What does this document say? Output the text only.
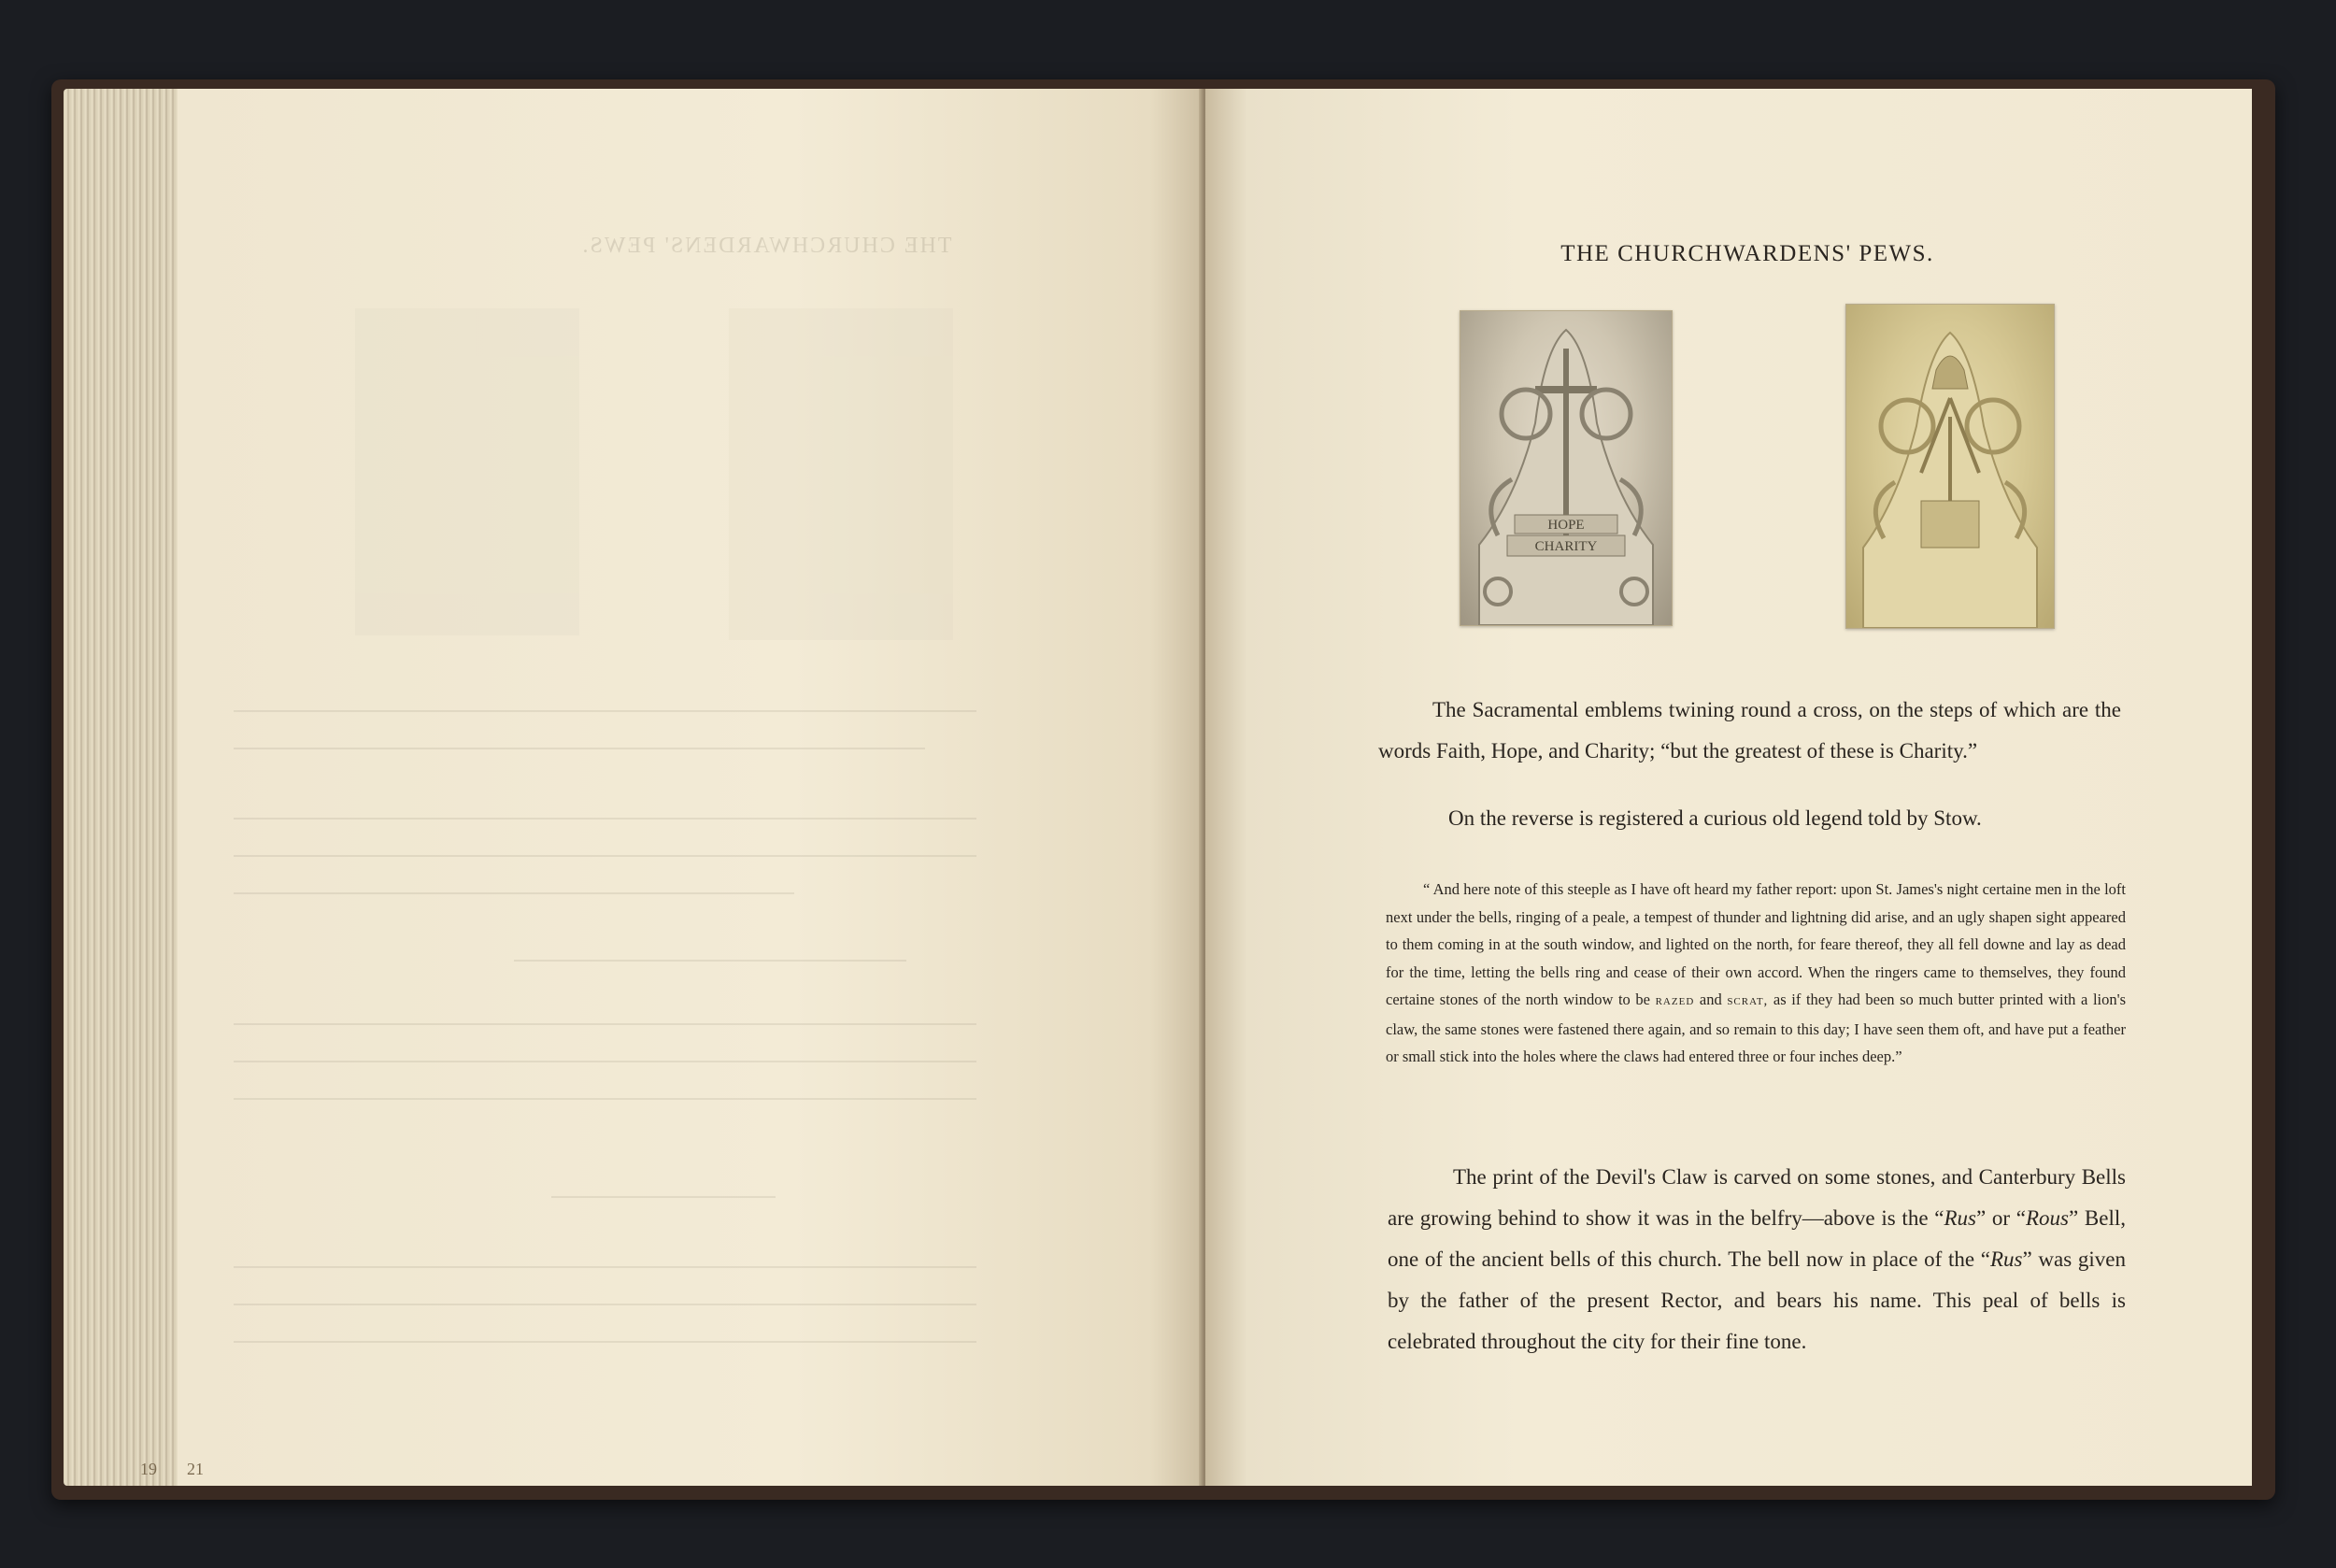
THE CHURCHWARDENS' PEWS.
19 21
THE CHURCHWARDENS' PEWS.
HOPE
CHARITY
The Sacramental emblems twining round a cross, on the steps of which are the words Faith, Hope, and Charity; “but the greatest of these is Charity.”
On the reverse is registered a curious old legend told by Stow.
“ And here note of this steeple as I have oft heard my father report: upon St. James's night certaine men in the loft next under the bells, ringing of a peale, a tempest of thunder and lightning did arise, and an ugly shapen sight appeared to them coming in at the south window, and lighted on the north, for feare thereof, they all fell downe and lay as dead for the time, letting the bells ring and cease of their own accord. When the ringers came to themselves, they found certaine stones of the north window to be razed and scrat, as if they had been so much butter printed with a lion's claw, the same stones were fastened there again, and so remain to this day; I have seen them oft, and have put a feather or small stick into the holes where the claws had entered three or four inches deep.”
The print of the Devil's Claw is carved on some stones, and Canterbury Bells are growing behind to show it was in the belfry—above is the “Rus” or “Rous” Bell, one of the ancient bells of this church. The bell now in place of the “Rus” was given by the father of the present Rector, and bears his name. This peal of bells is celebrated throughout the city for their fine tone.
